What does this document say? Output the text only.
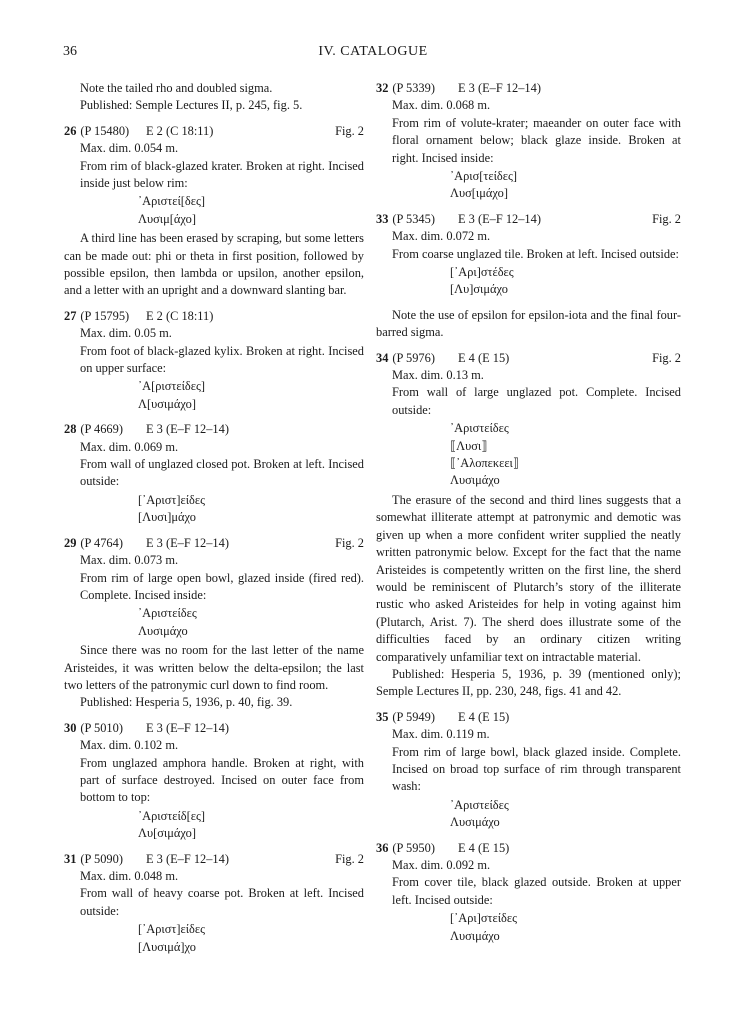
36	IV. CATALOGUE

Note the tailed rho and doubled sigma.

Published: Semple Lectures II, p. 245, fig. 5.

26 (P 15480) E 2 (C 18:11)	Fig. 2

Max. dim. 0.054 m.

From rim of black-glazed krater. Broken at right. Incised inside just below rim:

᾿Αριστεί[δες]
Λυσιμ[άχο]

A third line has been erased by scraping, but some letters can be made out: phi or theta in first position, followed by possible epsilon, then lambda or upsilon, another epsilon, and a letter with an upright and a downward slanting bar.

27 (P 15795) E 2 (C 18:11)

Max. dim. 0.05 m.

From foot of black-glazed kylix. Broken at right. Incised on upper surface:

᾿Α[ριστείδες]
Λ[υσιμάχο]
28 (P 4669) E 3 (E–F 12–14)

Max. dim. 0.069 m.

From wall of unglazed closed pot. Broken at left. Incised outside:

[᾿Αριστ]είδες
[Λυσι]μάχο
29 (P 4764) E 3 (E–F 12–14)	Fig. 2

Max. dim. 0.073 m.

From rim of large open bowl, glazed inside (fired red). Complete. Incised inside:

᾿Αριστείδες
Λυσιμάχο

Since there was no room for the last letter of the name Aristeides, it was written below the delta-epsilon; the last two letters of the patronymic curl down to find room.

Published: Hesperia 5, 1936, p. 40, fig. 39.

30 (P 5010) E 3 (E–F 12–14)

Max. dim. 0.102 m.

From unglazed amphora handle. Broken at right, with part of surface destroyed. Incised on outer face from bottom to top:

᾿Αριστείδ[ες]
Λυ[σιμάχο]
31 (P 5090) E 3 (E–F 12–14)	Fig. 2

Max. dim. 0.048 m.

From wall of heavy coarse pot. Broken at left. Incised outside:

[᾿Αριστ]είδες
[Λυσιμά]χο
32 (P 5339) E 3 (E–F 12–14)

Max. dim. 0.068 m.

From rim of volute-krater; maeander on outer face with floral ornament below; black glaze inside. Broken at right. Incised inside:

᾿Αρισ[τείδες]
Λυσ[ιμάχο]
33 (P 5345) E 3 (E–F 12–14)	Fig. 2

Max. dim. 0.072 m.

From coarse unglazed tile. Broken at left. Incised outside:

[᾿Αρι]στέδες
[Λυ]σιμάχο

Note the use of epsilon for epsilon-iota and the final four-barred sigma.

34 (P 5976) E 4 (E 15)	Fig. 2

Max. dim. 0.13 m.

From wall of large unglazed pot. Complete. Incised outside:

᾿Αριστείδες
⟦Λυσι⟧
⟦᾿Αλοπεκεει⟧
Λυσιμάχο

The erasure of the second and third lines suggests that a somewhat illiterate attempt at patronymic and demotic was given up when a more confident writer supplied the neatly written patronymic below. Except for the fact that the name Aristeides is competently written on the first line, the sherd would be reminiscent of Plutarch’s story of the illiterate rustic who asked Aristeides for help in voting against him (Plutarch, Arist. 7). The sherd does illustrate some of the difficulties faced by an ordinary citizen writing comparatively unfamiliar text on intractable material.

Published: Hesperia 5, 1936, p. 39 (mentioned only); Semple Lectures II, pp. 230, 248, figs. 41 and 42.

35 (P 5949) E 4 (E 15)

Max. dim. 0.119 m.

From rim of large bowl, black glazed inside. Complete. Incised on broad top surface of rim through transparent wash:

᾿Αριστείδες
Λυσιμάχο
36 (P 5950) E 4 (E 15)

Max. dim. 0.092 m.

From cover tile, black glazed outside. Broken at upper left. Incised outside:

[᾿Αρι]στείδες
Λυσιμάχο
